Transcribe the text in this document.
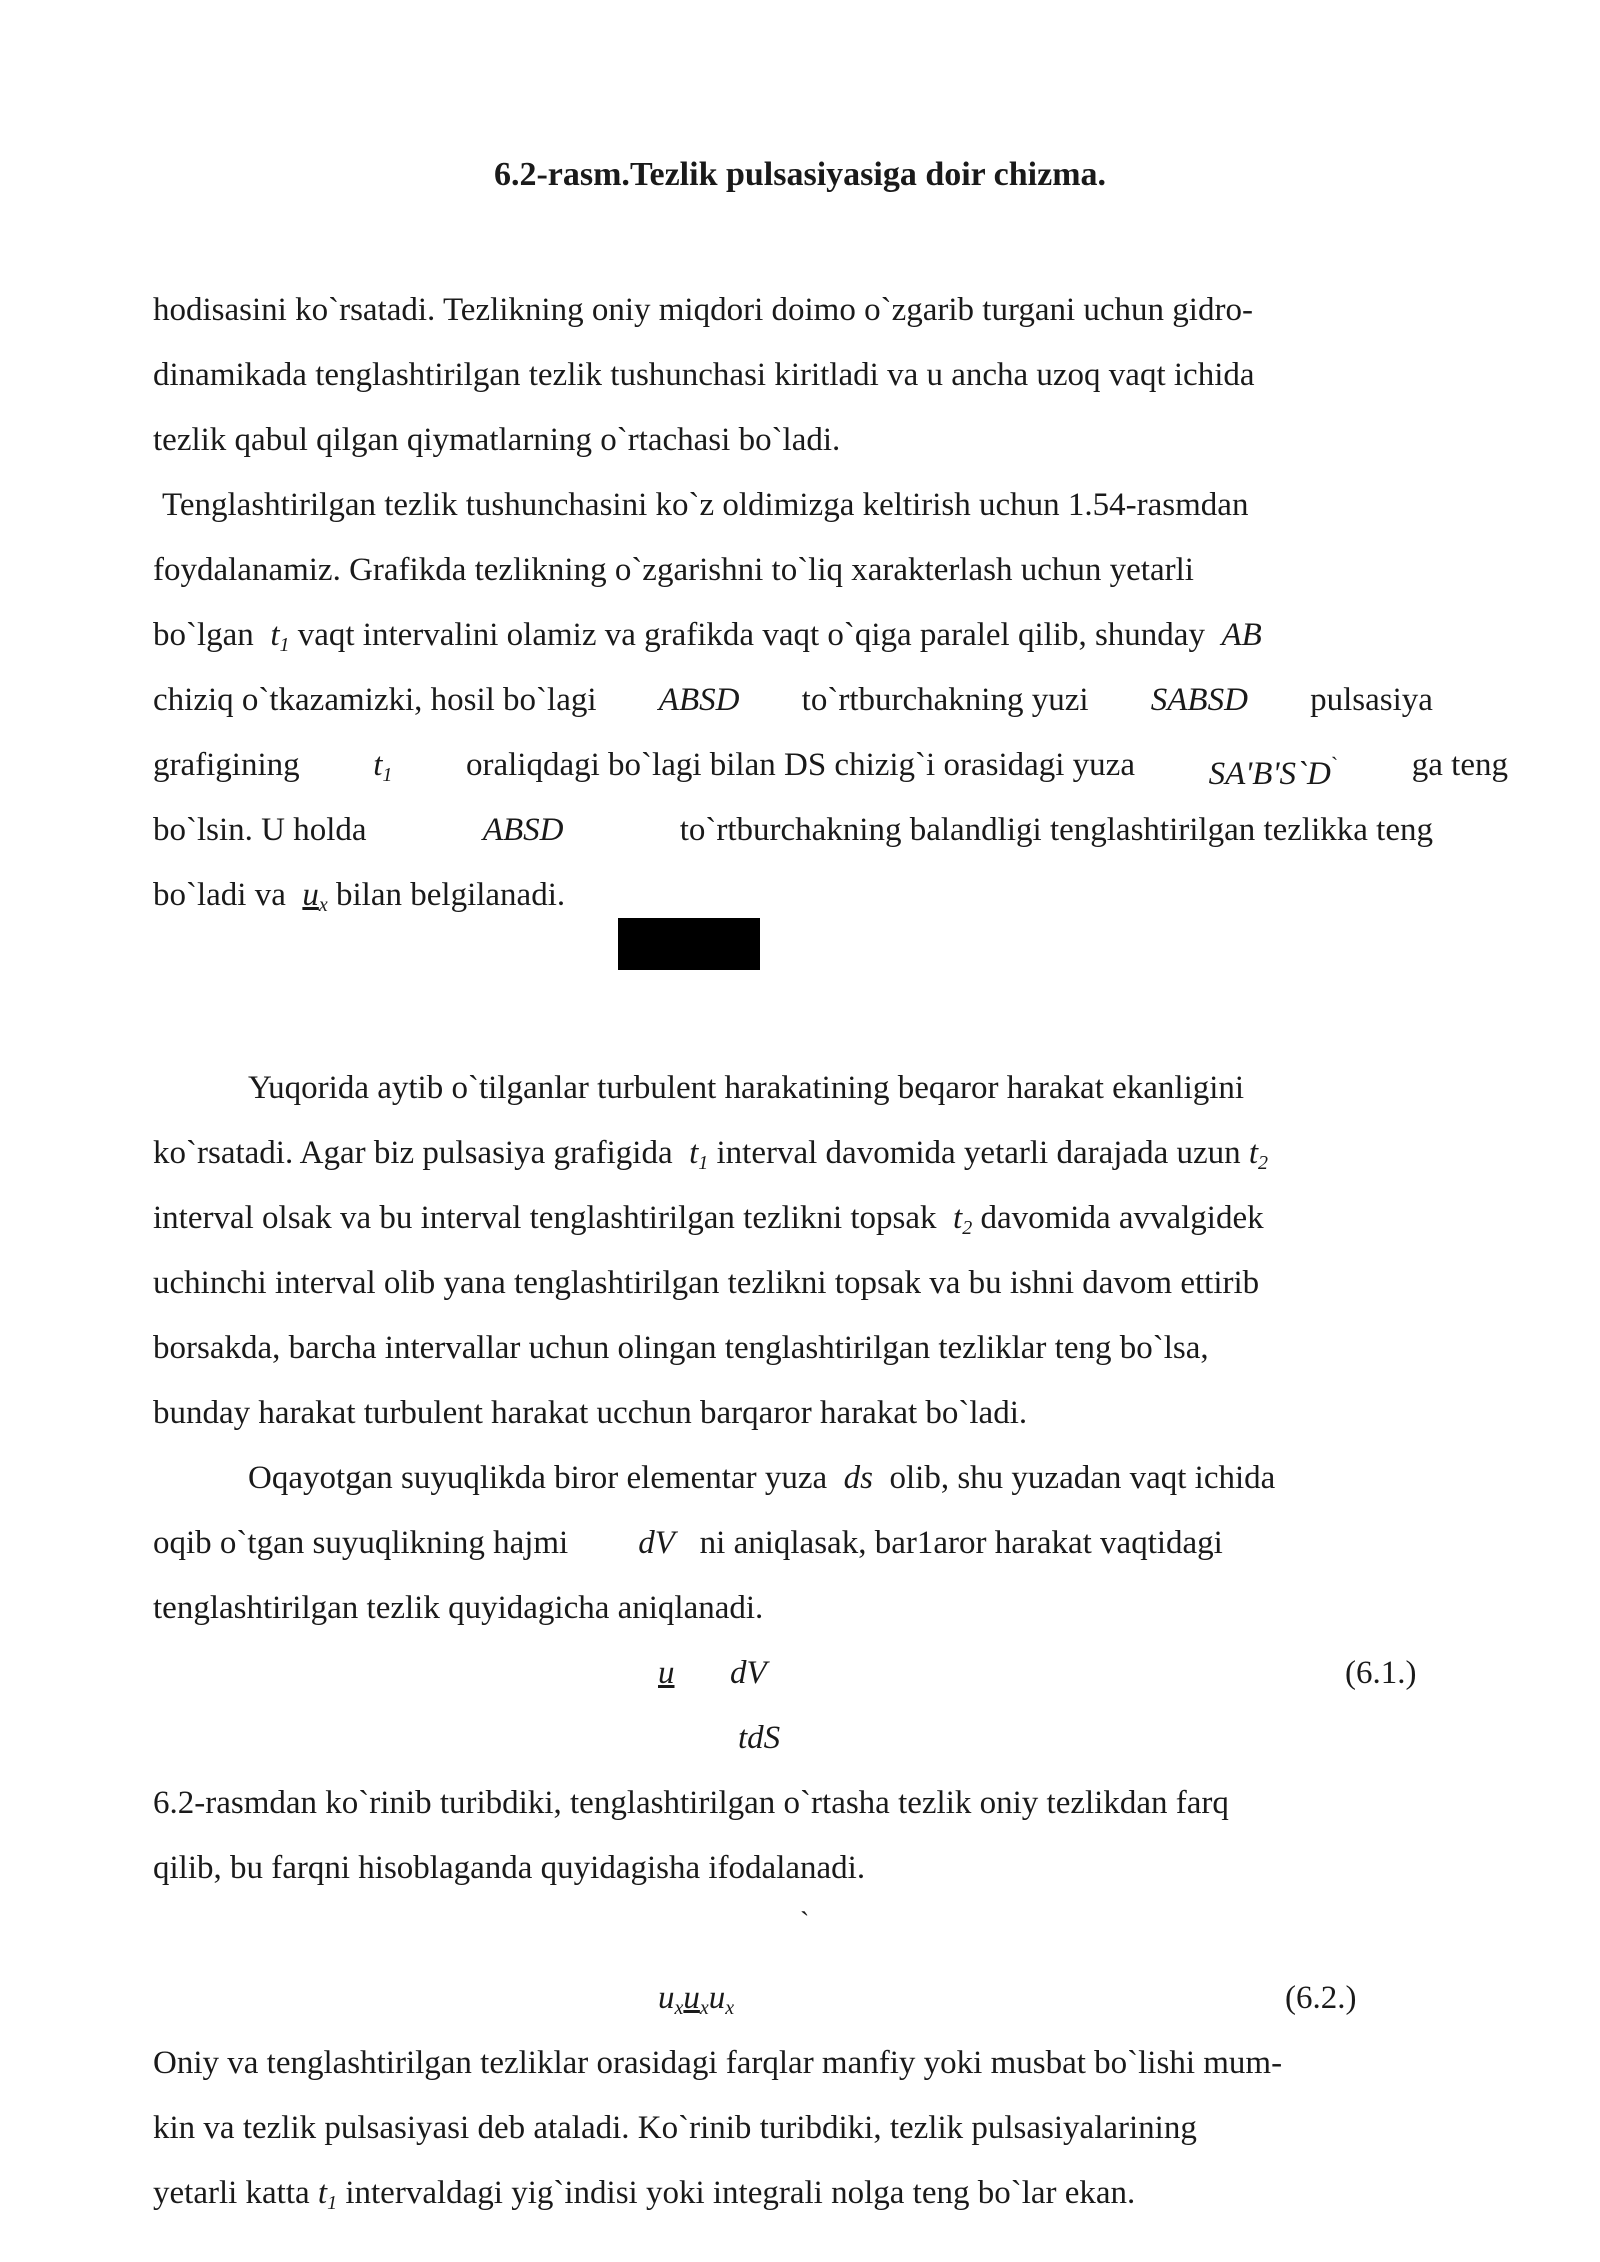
6.2-rasm.Tezlik pulsasiyasiga doir chizma.
hodisasini ko`rsatadi. Tezlikning oniy miqdori doimo o`zgarib turgani uchun gidro-
dinamikada tenglashtirilgan tezlik tushunchasi kiritladi va u ancha uzoq vaqt ichida
tezlik qabul qilgan qiymatlarning o`rtachasi bo`ladi.
Tenglashtirilgan tezlik tushunchasini ko`z oldimizga keltirish uchun 1.54-rasmdan
foydalanamiz. Grafikda tezlikning o`zgarishni to`liq xarakterlash uchun yetarli
bo`lgan $t_1$ vaqt intervalini olamiz va grafikda vaqt o`qiga paralel qilib, shunday AB
chiziq o`tkazamizki, hosil bo`lagi ABSD to`rtburchakning yuzi SABSD pulsasiya
grafigining $t_1$ oraliqdagi bo`lagi bilan DS chizig`i orasidagi yuza SA'B'S`D` ga teng
bo`lsin. U holda	ABSD	to`rtburchakning balandligi tenglashtirilgan tezlikka teng
bo`ladi va $u_x$ bilan belgilanadi.
Yuqorida aytib o`tilganlar turbulent harakatining beqaror harakat ekanligini
ko`rsatadi. Agar biz pulsasiya grafigida $t_1$ interval davomida yetarli darajada uzun $t_2$
interval olsak va bu interval tenglashtirilgan tezlikni topsak $t_2$ davomida avvalgidek
uchinchi interval olib yana tenglashtirilgan tezlikni topsak va bu ishni davom ettirib
borsakda, barcha intervallar uchun olingan tenglashtirilgan tezliklar teng bo`lsa,
bunday harakat turbulent harakat ucchun barqaror harakat bo`ladi.
Oqayotgan suyuqlikda biror elementar yuza ds olib, shu yuzadan vaqt ichida
oqib o`tgan suyuqlikning hajmi dV ni aniqlasak, bar1aror harakat vaqtidagi
tenglashtirilgan tezlik quyidagicha aniqlanadi.
u dV
tdS
(6.1.)
6.2-rasmdan ko`rinib turibdiki, tenglashtirilgan o`rtasha tezlik oniy tezlikdan farq
qilib, bu farqni hisoblaganda quyidagisha ifodalanadi.
`
$u_xu_xu_x$	(6.2.)
Oniy va tenglashtirilgan tezliklar orasidagi farqlar manfiy yoki musbat bo`lishi mum-
kin va tezlik pulsasiyasi deb ataladi. Ko`rinib turibdiki, tezlik pulsasiyalarining
yetarli katta $t_1$ intervaldagi yig`indisi yoki integrali nolga teng bo`lar ekan.
